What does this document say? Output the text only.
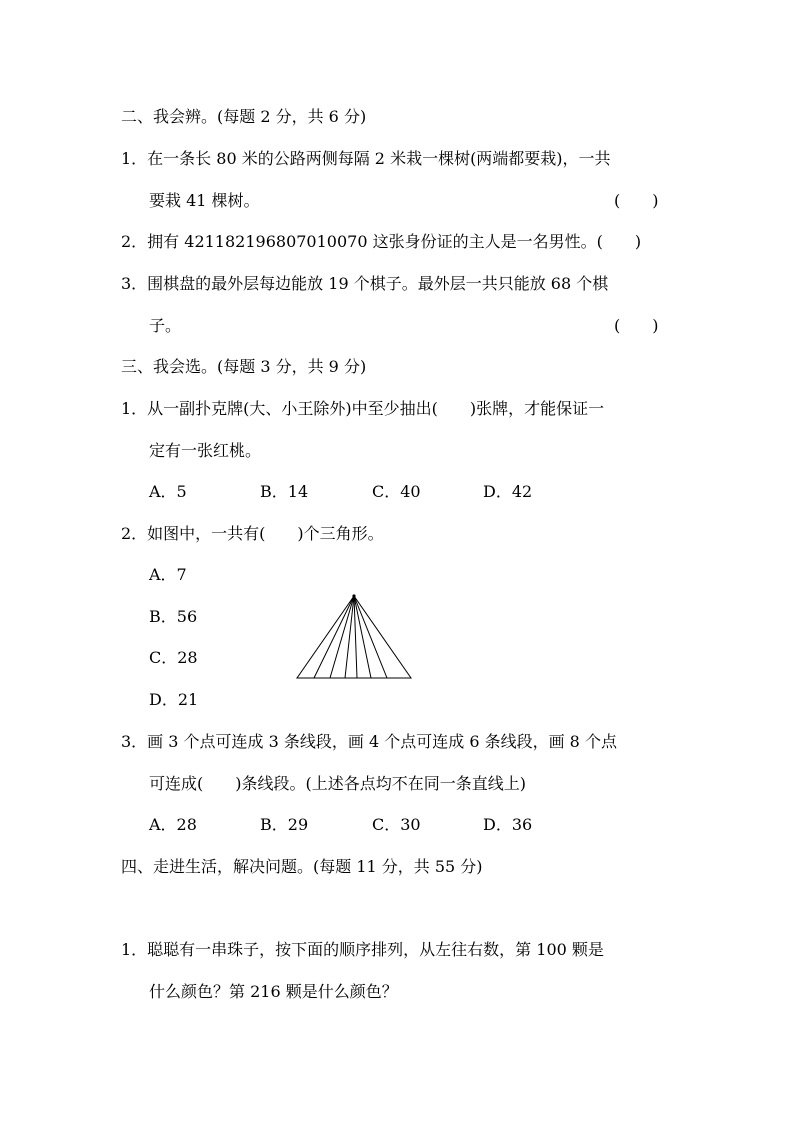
二、我会辨。(每题 2 分，共 6 分)
1．在一条长 80 米的公路两侧每隔 2 米栽一棵树(两端都要栽)，一共
要栽 41 棵树。	(　　)
2．拥有 421182196807010070 这张身份证的主人是一名男性。(　　)
3．围棋盘的最外层每边能放 19 个棋子。最外层一共只能放 68 个棋
子。	(　　)
三、我会选。(每题 3 分，共 9 分)
1．从一副扑克牌(大、小王除外)中至少抽出(　　)张牌，才能保证一
定有一张红桃。
A．5	B．14	C．40	D．42
2．如图中，一共有(　　)个三角形。
A．7
B．56
C．28
D．21
3．画 3 个点可连成 3 条线段，画 4 个点可连成 6 条线段，画 8 个点
可连成(　　)条线段。(上述各点均不在同一条直线上)
A．28	B．29	C．30	D．36
四、走进生活，解决问题。(每题 11 分，共 55 分)
1．聪聪有一串珠子，按下面的顺序排列，从左往右数，第 100 颗是
什么颜色？第 216 颗是什么颜色？
